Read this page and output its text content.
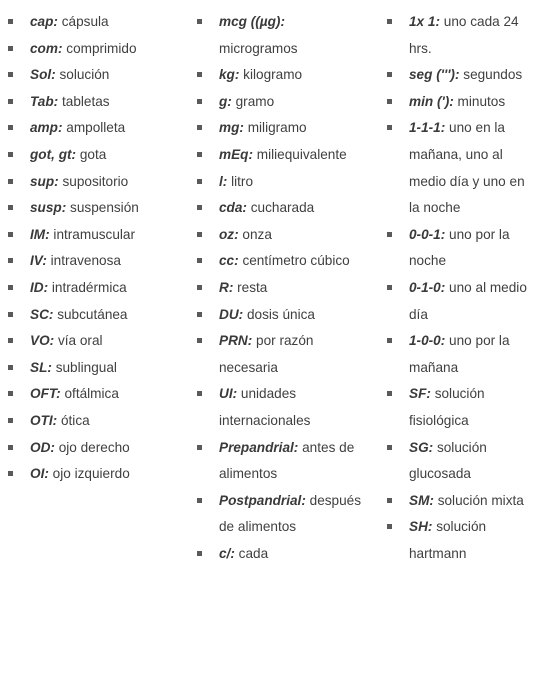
cap: cápsula
com: comprimido
Sol: solución
Tab: tabletas
amp: ampolleta
got, gt: gota
sup: supositorio
susp: suspensión
IM: intramuscular
IV: intravenosa
ID: intradérmica
SC: subcutánea
VO: vía oral
SL: sublingual
OFT: oftálmica
OTI: ótica
OD: ojo derecho
OI: ojo izquierdo
mcg ((µg): microgramos
kg: kilogramo
g: gramo
mg: miligramo
mEq: miliequivalente
l: litro
cda: cucharada
oz: onza
cc: centímetro cúbico
R: resta
DU: dosis única
PRN: por razón necesaria
UI: unidades internacionales
Prepandrial: antes de alimentos
Postpandrial: después de alimentos
c/: cada
1x 1: uno cada 24 hrs.
seg ('''): segundos
min ('): minutos
1-1-1: uno en la mañana, uno al medio día y uno en la noche
0-0-1: uno por la noche
0-1-0: uno al medio día
1-0-0: uno por la mañana
SF: solución fisiológica
SG: solución glucosada
SM: solución mixta
SH: solución hartmann
